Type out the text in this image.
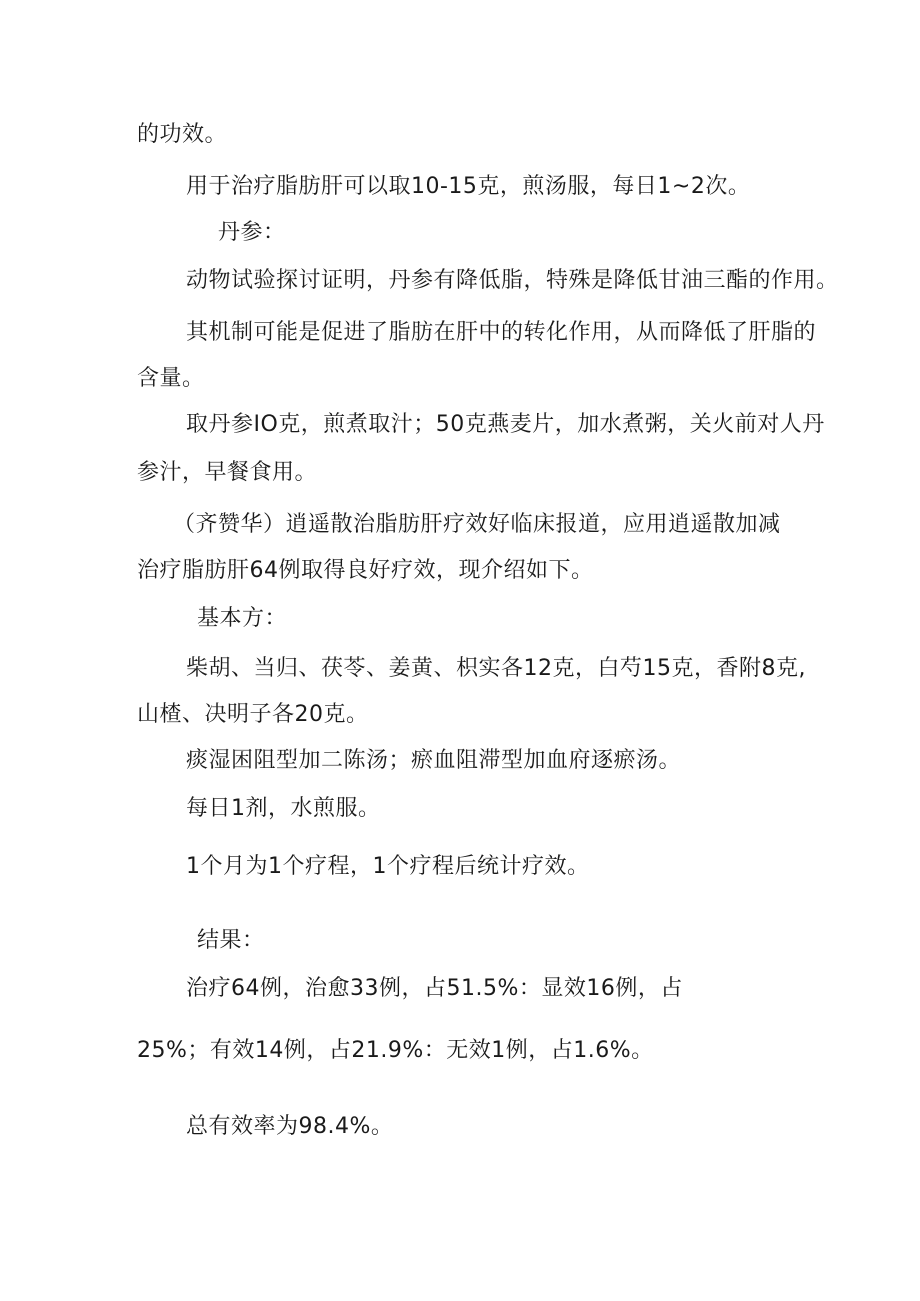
的功效。
用于治疗脂肪肝可以取10-15克，煎汤服，每日1~2次。
丹参：
动物试验探讨证明，丹参有降低脂，特殊是降低甘油三酯的作用。
其机制可能是促进了脂肪在肝中的转化作用，从而降低了肝脂的
含量。
取丹参IO克，煎煮取汁；50克燕麦片，加水煮粥，关火前对人丹
参汁，早餐食用。
（齐赞华）逍遥散治脂肪肝疗效好临床报道，应用逍遥散加减
治疗脂肪肝64例取得良好疗效，现介绍如下。
基本方：
柴胡、当归、茯苓、姜黄、枳实各12克，白芍15克，香附8克,
山楂、决明子各20克。
痰湿困阻型加二陈汤；瘀血阻滞型加血府逐瘀汤。
每日1剂，水煎服。
1个月为1个疗程，1个疗程后统计疗效。
结果：
治疗64例，治愈33例，占51.5%：显效16例，占
25%；有效14例，占21.9%：无效1例，占1.6%。
总有效率为98.4%。
